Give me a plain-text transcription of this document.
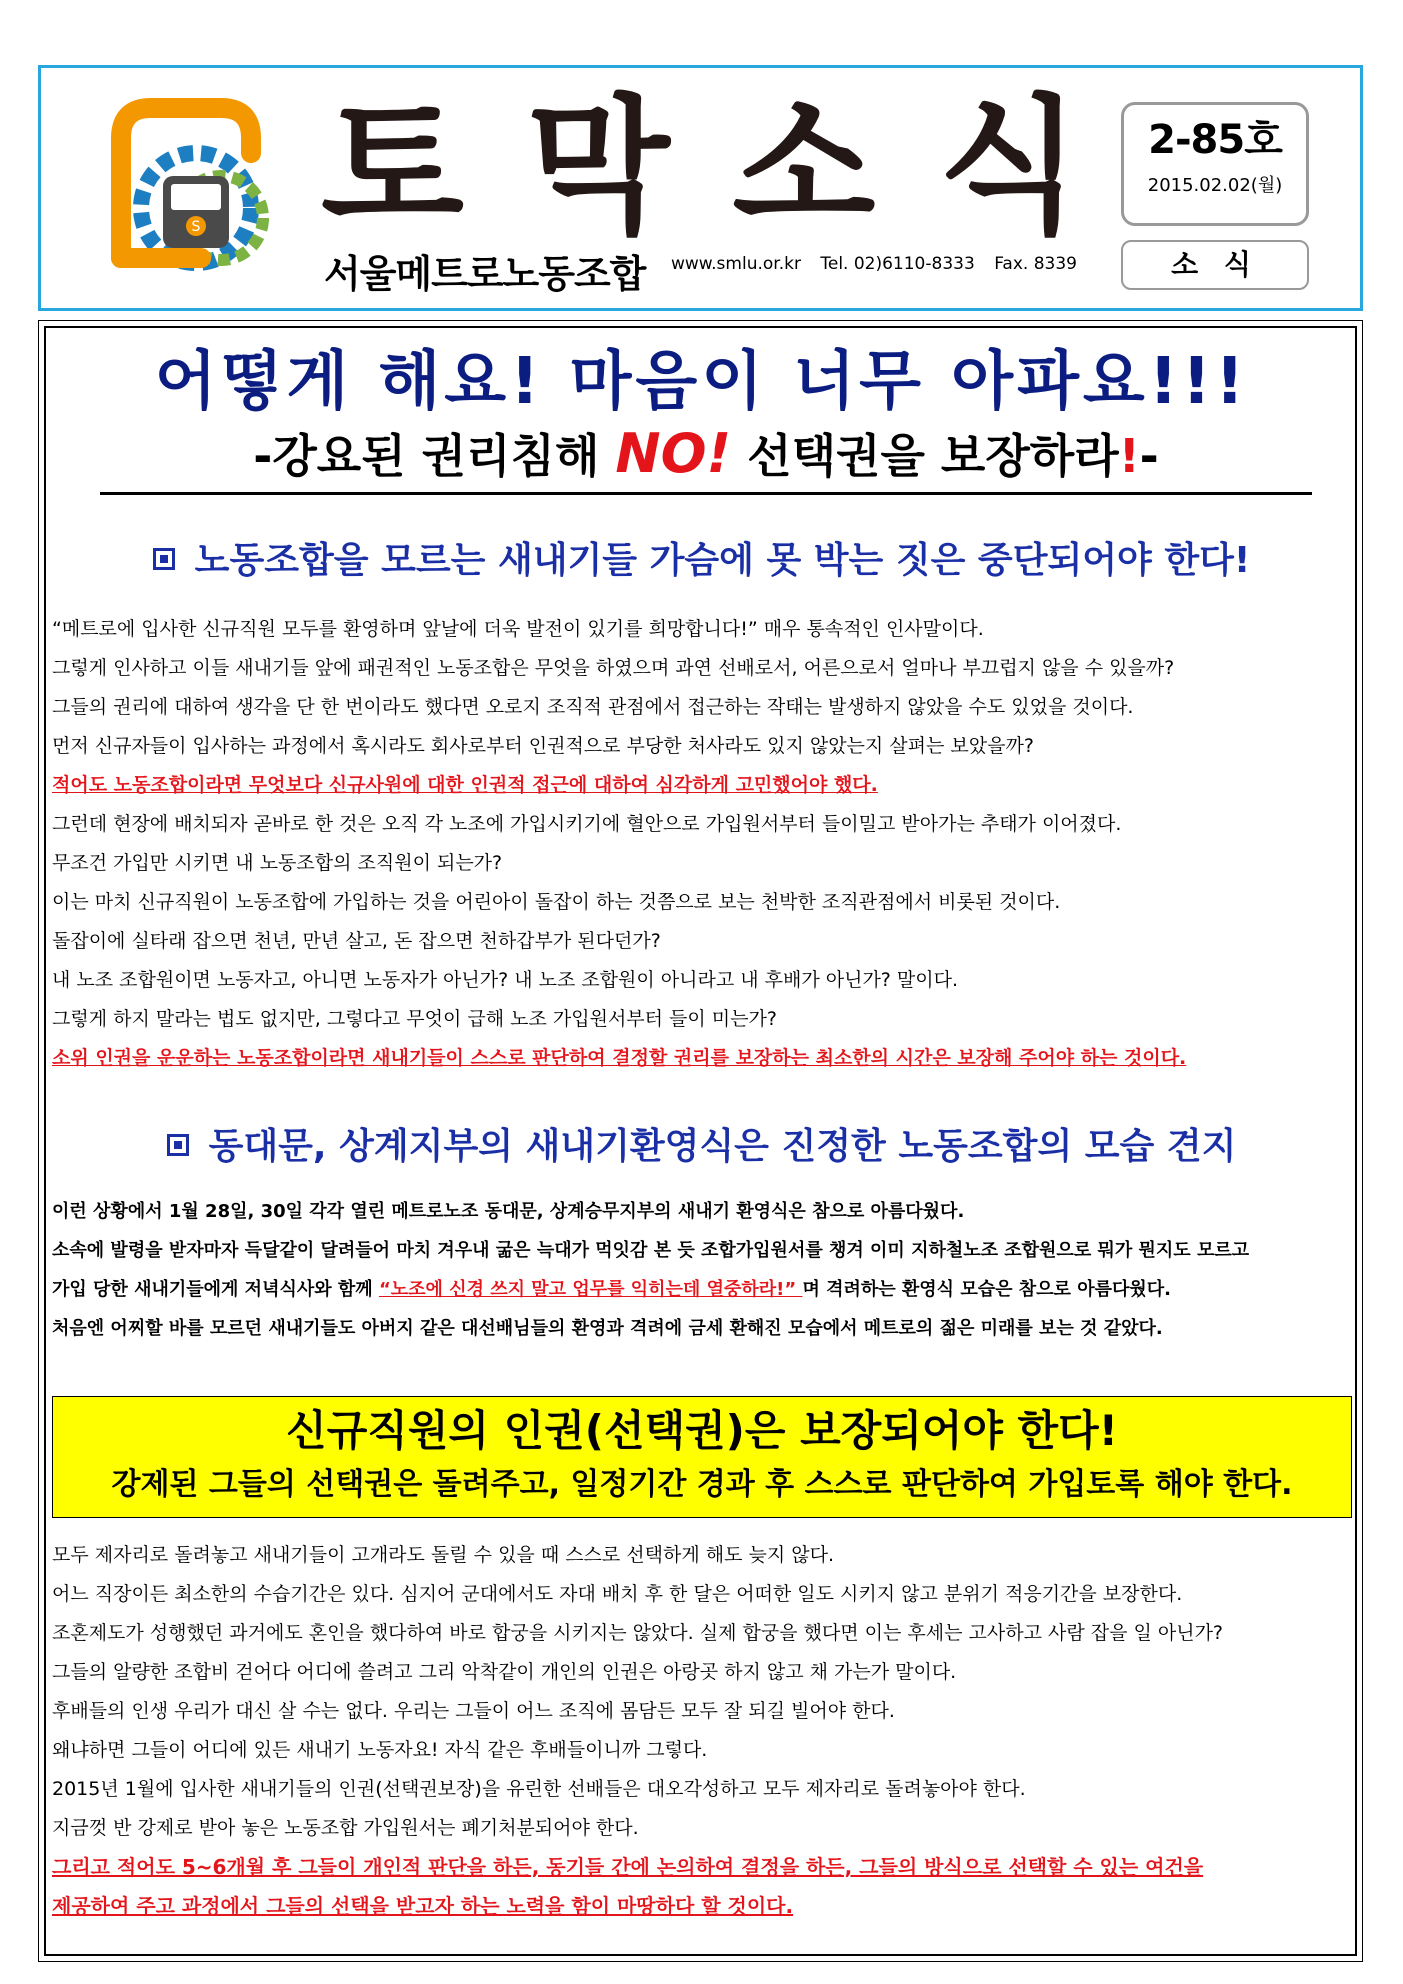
S 토 막 소 식
서울메트로노동조합 www.smlu.or.kr Tel. 02)6110-8333 Fax. 8339
2-85호
2015.02.02(월)
소 식
어떻게 해요! 마음이 너무 아파요!!!
-강요된 권리침해 NO! 선택권을 보장하라!-
노동조합을 모르는 새내기들 가슴에 못 박는 짓은 중단되어야 한다!

“메트로에 입사한 신규직원 모두를 환영하며 앞날에 더욱 발전이 있기를 희망합니다!” 매우 통속적인 인사말이다.

그렇게 인사하고 이들 새내기들 앞에 패권적인 노동조합은 무엇을 하였으며 과연 선배로서, 어른으로서 얼마나 부끄럽지 않을 수 있을까?

그들의 권리에 대하여 생각을 단 한 번이라도 했다면 오로지 조직적 관점에서 접근하는 작태는 발생하지 않았을 수도 있었을 것이다.

먼저 신규자들이 입사하는 과정에서 혹시라도 회사로부터 인권적으로 부당한 처사라도 있지 않았는지 살펴는 보았을까?

적어도 노동조합이라면 무엇보다 신규사원에 대한 인권적 접근에 대하여 심각하게 고민했어야 했다.

그런데 현장에 배치되자 곧바로 한 것은 오직 각 노조에 가입시키기에 혈안으로 가입원서부터 들이밀고 받아가는 추태가 이어졌다.

무조건 가입만 시키면 내 노동조합의 조직원이 되는가?

이는 마치 신규직원이 노동조합에 가입하는 것을 어린아이 돌잡이 하는 것쯤으로 보는 천박한 조직관점에서 비롯된 것이다.

돌잡이에 실타래 잡으면 천년, 만년 살고, 돈 잡으면 천하갑부가 된다던가?

내 노조 조합원이면 노동자고, 아니면 노동자가 아닌가? 내 노조 조합원이 아니라고 내 후배가 아닌가? 말이다.

그렇게 하지 말라는 법도 없지만, 그렇다고 무엇이 급해 노조 가입원서부터 들이 미는가?

소위 인권을 운운하는 노동조합이라면 새내기들이 스스로 판단하여 결정할 권리를 보장하는 최소한의 시간은 보장해 주어야 하는 것이다.

동대문, 상계지부의 새내기환영식은 진정한 노동조합의 모습 견지

이런 상황에서 1월 28일, 30일 각각 열린 메트로노조 동대문, 상계승무지부의 새내기 환영식은 참으로 아름다웠다.

소속에 발령을 받자마자 득달같이 달려들어 마치 겨우내 굶은 늑대가 먹잇감 본 듯 조합가입원서를 챙겨 이미 지하철노조 조합원으로 뭐가 뭔지도 모르고

가입 당한 새내기들에게 저녁식사와 함께 “노조에 신경 쓰지 말고 업무를 익히는데 열중하라!” 며 격려하는 환영식 모습은 참으로 아름다웠다.

처음엔 어찌할 바를 모르던 새내기들도 아버지 같은 대선배님들의 환영과 격려에 금세 환해진 모습에서 메트로의 젊은 미래를 보는 것 같았다.

신규직원의 인권(선택권)은 보장되어야 한다!
강제된 그들의 선택권은 돌려주고, 일정기간 경과 후 스스로 판단하여 가입토록 해야 한다.

모두 제자리로 돌려놓고 새내기들이 고개라도 돌릴 수 있을 때 스스로 선택하게 해도 늦지 않다.

어느 직장이든 최소한의 수습기간은 있다. 심지어 군대에서도 자대 배치 후 한 달은 어떠한 일도 시키지 않고 분위기 적응기간을 보장한다.

조혼제도가 성행했던 과거에도 혼인을 했다하여 바로 합궁을 시키지는 않았다. 실제 합궁을 했다면 이는 후세는 고사하고 사람 잡을 일 아닌가?

그들의 알량한 조합비 걷어다 어디에 쓸려고 그리 악착같이 개인의 인권은 아랑곳 하지 않고 채 가는가 말이다.

후배들의 인생 우리가 대신 살 수는 없다. 우리는 그들이 어느 조직에 몸담든 모두 잘 되길 빌어야 한다.

왜냐하면 그들이 어디에 있든 새내기 노동자요! 자식 같은 후배들이니까 그렇다.

2015년 1월에 입사한 새내기들의 인권(선택권보장)을 유린한 선배들은 대오각성하고 모두 제자리로 돌려놓아야 한다.

지금껏 반 강제로 받아 놓은 노동조합 가입원서는 폐기처분되어야 한다.

그리고 적어도 5~6개월 후 그들이 개인적 판단을 하든, 동기들 간에 논의하여 결정을 하든, 그들의 방식으로 선택할 수 있는 여건을

제공하여 주고 과정에서 그들의 선택을 받고자 하는 노력을 함이 마땅하다 할 것이다.
